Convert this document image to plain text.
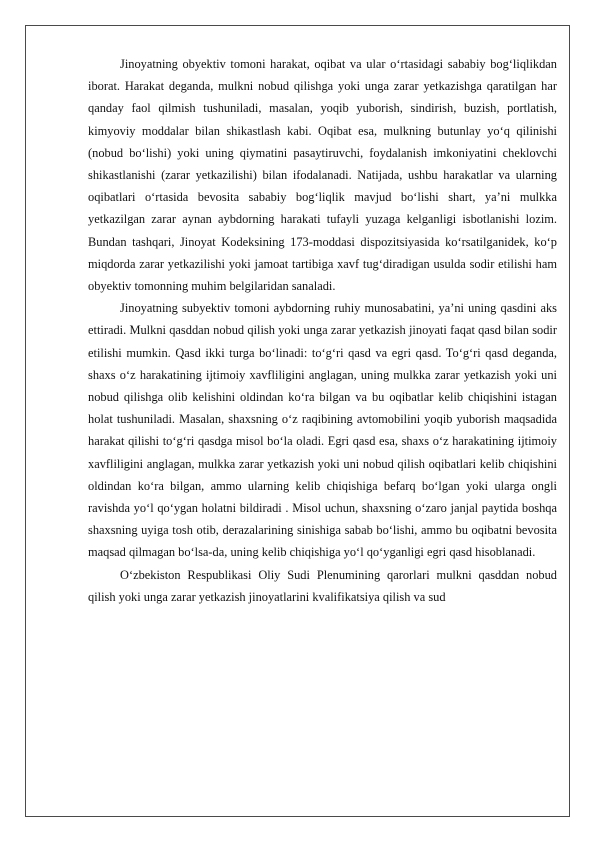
Jinoyatning obyektiv tomoni harakat, oqibat va ular oʻrtasidagi sababiy bogʻliqlikdan iborat. Harakat deganda, mulkni nobud qilishga yoki unga zarar yetkazishga qaratilgan har qanday faol qilmish tushuniladi, masalan, yoqib yuborish, sindirish, buzish, portlatish, kimyoviy moddalar bilan shikastlash kabi. Oqibat esa, mulkning butunlay yoʻq qilinishi (nobud boʻlishi) yoki uning qiymatini pasaytiruvchi, foydalanish imkoniyatini cheklovchi shikastlanishi (zarar yetkazilishi) bilan ifodalanadi. Natijada, ushbu harakatlar va ularning oqibatlari oʻrtasida bevosita sababiy bogʻliqlik mavjud boʻlishi shart, yaʼni mulkka yetkazilgan zarar aynan aybdorning harakati tufayli yuzaga kelganligi isbotlanishi lozim. Bundan tashqari, Jinoyat Kodeksining 173-moddasi dispozitsiyasida koʻrsatilganidek, koʻp miqdorda zarar yetkazilishi yoki jamoat tartibiga xavf tugʻdiradigan usulda sodir etilishi ham obyektiv tomonning muhim belgilaridan sanaladi.

Jinoyatning subyektiv tomoni aybdorning ruhiy munosabatini, yaʼni uning qasdini aks ettiradi. Mulkni qasddan nobud qilish yoki unga zarar yetkazish jinoyati faqat qasd bilan sodir etilishi mumkin. Qasd ikki turga boʻlinadi: toʻgʻri qasd va egri qasd. Toʻgʻri qasd deganda, shaxs oʻz harakatining ijtimoiy xavfliligini anglagan, uning mulkka zarar yetkazish yoki uni nobud qilishga olib kelishini oldindan koʻra bilgan va bu oqibatlar kelib chiqishini istagan holat tushuniladi. Masalan, shaxsning oʻz raqibining avtomobilini yoqib yuborish maqsadida harakat qilishi toʻgʻri qasdga misol boʻla oladi. Egri qasd esa, shaxs oʻz harakatining ijtimoiy xavfliligini anglagan, mulkka zarar yetkazish yoki uni nobud qilish oqibatlari kelib chiqishini oldindan koʻra bilgan, ammo ularning kelib chiqishiga befarq boʻlgan yoki ularga ongli ravishda yoʻl qoʻygan holatni bildiradi . Misol uchun, shaxsning oʻzaro janjal paytida boshqa shaxsning uyiga tosh otib, derazalarining sinishiga sabab boʻlishi, ammo bu oqibatni bevosita maqsad qilmagan boʻlsa-da, uning kelib chiqishiga yoʻl qoʻyganligi egri qasd hisoblanadi.

Oʻzbekiston Respublikasi Oliy Sudi Plenumining qarorlari mulkni qasddan nobud qilish yoki unga zarar yetkazish jinoyatlarini kvalifikatsiya qilish va sud
